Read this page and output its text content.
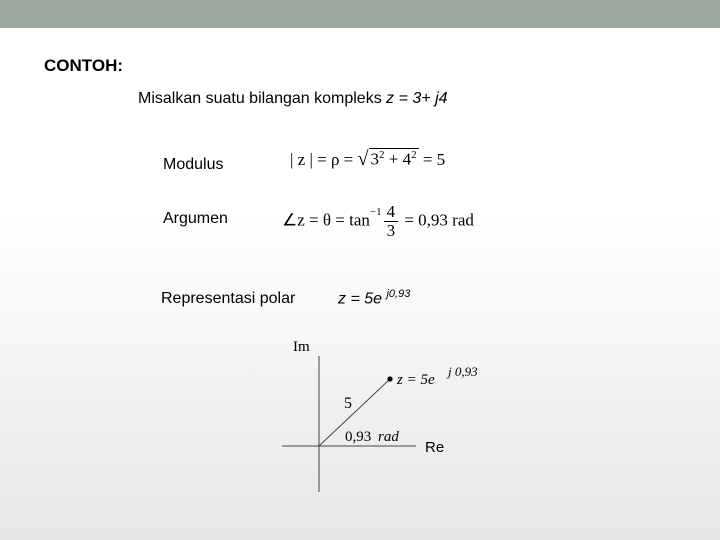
CONTOH:
Misalkan suatu bilangan kompleks z = 3+ j4
Modulus	| z | = ρ = √ $3^2 + 4^2 = 5$
Argumen	∠z = $\theta = \tan^{-1} \frac{4}{3} = 0,93$ rad
Representasi polar	z = 5e $^{j0,93}$
Im
Re
z = 5e
j 0,93
5
0,93 rad
